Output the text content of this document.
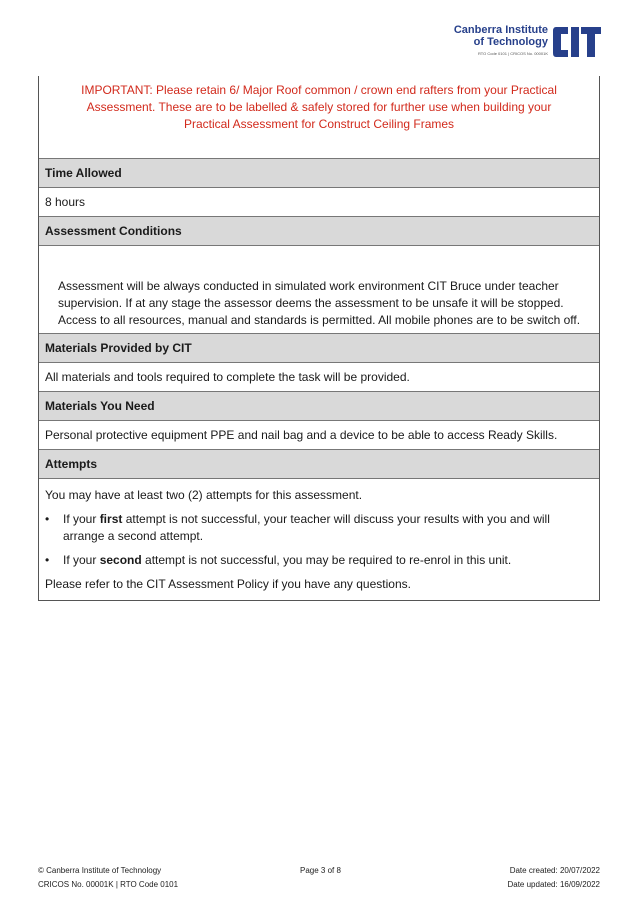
Canberra Institute
of Technology
RTO Code 0101 | CRICOS No. 00001K
IMPORTANT: Please retain 6/ Major Roof common / crown end rafters from your Practical
Assessment. These are to be labelled & safely stored for further use when building your
Practical Assessment for Construct Ceiling Frames
Time Allowed
8 hours
Assessment Conditions
Assessment will be always conducted in simulated work environment CIT Bruce under teacher
supervision. If at any stage the assessor deems the assessment to be unsafe it will be stopped.
Access to all resources, manual and standards is permitted. All mobile phones are to be switch off.
Materials Provided by CIT
All materials and tools required to complete the task will be provided.
Materials You Need
Personal protective equipment PPE and nail bag and a device to be able to access Ready Skills.
Attempts

You may have at least two (2) attempts for this assessment.

•	If your first attempt is not successful, your teacher will discuss your results with you and will arrange a second attempt.
•	If your second attempt is not successful, you may be required to re-enrol in this unit.

Please refer to the CIT Assessment Policy if you have any questions.

© Canberra Institute of Technology
CRICOS No. 00001K | RTO Code 0101
Page 3 of 8	Date created: 20/07/2022
Date updated: 16/09/2022
